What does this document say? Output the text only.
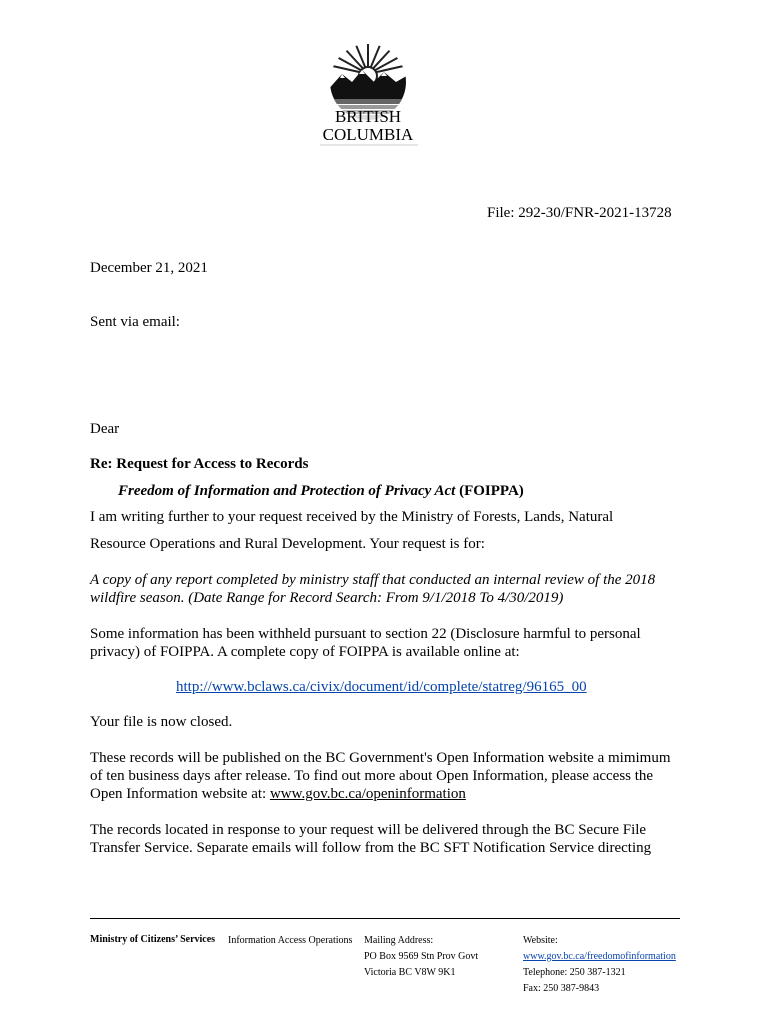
BRITISH
COLUMBIA
File: 292-30/FNR-2021-13728
December 21, 2021
Sent via email:
Dear
Re: Request for Access to Records
Freedom of Information and Protection of Privacy Act (FOIPPA)
I am writing further to your request received by the Ministry of Forests, Lands, Natural
Resource Operations and Rural Development. Your request is for:
A copy of any report completed by ministry staff that conducted an internal review of the 2018 wildfire season. (Date Range for Record Search: From 9/1/2018 To 4/30/2019)
Some information has been withheld pursuant to section 22 (Disclosure harmful to personal privacy) of FOIPPA. A complete copy of FOIPPA is available online at:
http://www.bclaws.ca/civix/document/id/complete/statreg/96165_00
Your file is now closed.
These records will be published on the BC Government's Open Information website a mimimum of ten business days after release. To find out more about Open Information, please access the Open Information website at: www.gov.bc.ca/openinformation
The records located in response to your request will be delivered through the BC Secure File Transfer Service. Separate emails will follow from the BC SFT Notification Service directing
Ministry of Citizens’ Services Information Access Operations Mailing Address:
PO Box 9569 Stn Prov Govt
Victoria BC V8W 9K1
Website:
www.gov.bc.ca/freedomofinformation
Telephone: 250 387-1321
Fax: 250 387-9843
